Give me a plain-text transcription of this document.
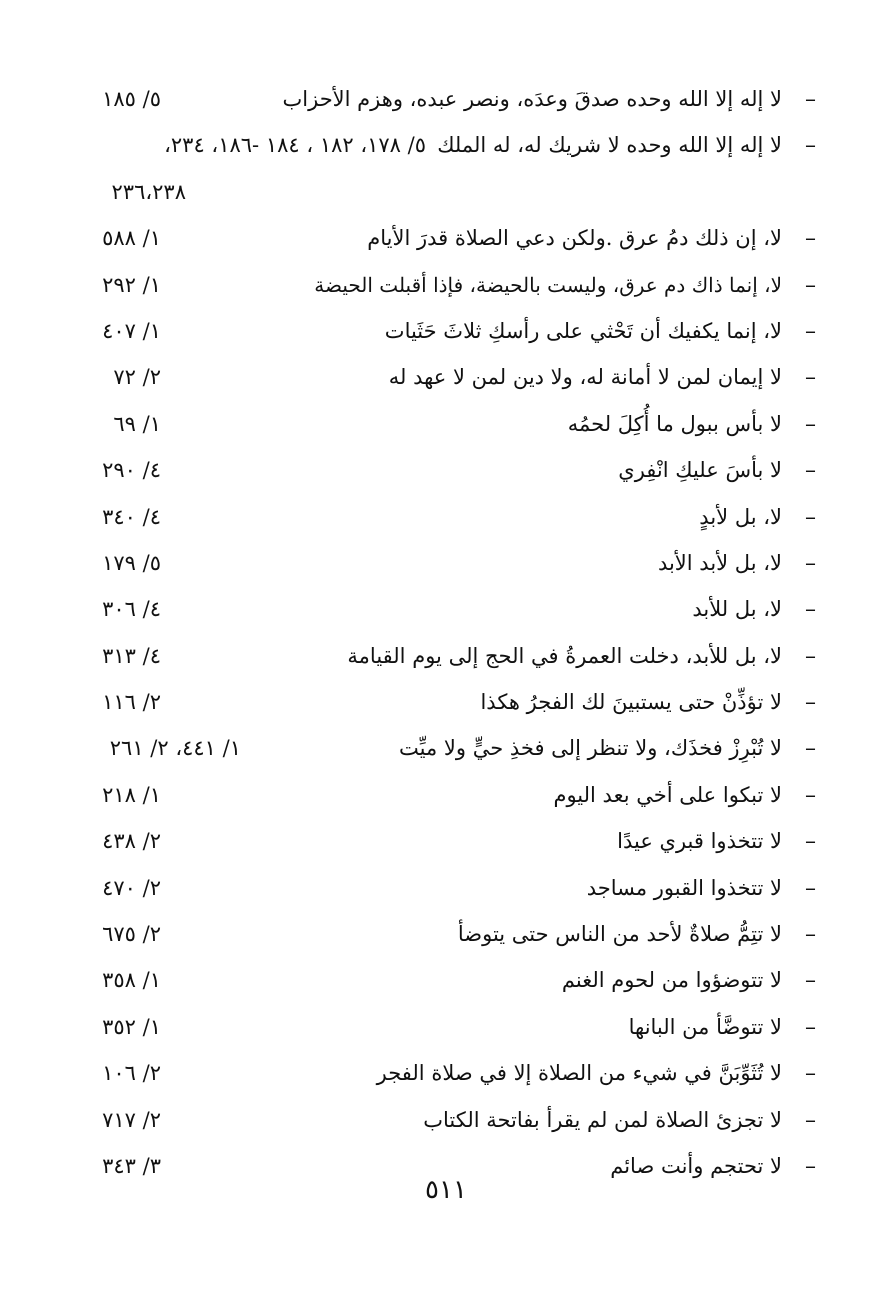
–
لا إله إلا الله وحده صدقَ وعدَه، ونصر عبده، وهزم الأحزاب
٥/ ١٨٥
–
لا إله إلا الله وحده لا شريك له، له الملك
٥/ ١٧٨، ١٨٢ ، ١٨٤ -١٨٦، ٢٣٤،
٢٣٦،٢٣٨
–
لا، إن ذلك دمُ عرق .ولكن دعي الصلاة قدرَ الأيام
١/ ٥٨٨
–
لا، إنما ذاك دم عرق، وليست بالحيضة، فإذا أقبلت الحيضة
١/ ٢٩٢
–
لا، إنما يكفيك أن تَحْثي على رأسكِ ثلاثَ حَثَيات
١/ ٤٠٧
–
لا إيمان لمن لا أمانة له، ولا دين لمن لا عهد له
٢/ ٧٢
–
لا بأس ببول ما أُكِلَ لحمُه
١/ ٦٩
–
لا بأسَ عليكِ انْفِري
٤/ ٢٩٠
–
لا، بل لأبدٍ
٤/ ٣٤٠
–
لا، بل لأبد الأبد
٥/ ١٧٩
–
لا، بل للأبد
٤/ ٣٠٦
–
لا، بل للأبد، دخلت العمرةُ في الحج إلى يوم القيامة
٤/ ٣١٣
–
لا تؤذِّنْ حتى يستبينَ لك الفجرُ هكذا
٢/ ١١٦
–
لا تُبْرِزْ فخذَك، ولا تنظر إلى فخذِ حيٍّ ولا ميِّت
١/ ٤٤١، ٢/ ٢٦١
–
لا تبكوا على أخي بعد اليوم
١/ ٢١٨
–
لا تتخذوا قبري عيدًا
٢/ ٤٣٨
–
لا تتخذوا القبور مساجد
٢/ ٤٧٠
–
لا تتِمُّ صلاةٌ لأحد من الناس حتى يتوضأ
٢/ ٦٧٥
–
لا تتوضؤوا من لحوم الغنم
١/ ٣٥٨
–
لا تتوضَّأ من البانها
١/ ٣٥٢
–
لا تُثَوِّبَنَّ في شيء من الصلاة إلا في صلاة الفجر
٢/ ١٠٦
–
لا تجزئ الصلاة لمن لم يقرأ بفاتحة الكتاب
٢/ ٧١٧
–
لا تحتجم وأنت صائم
٣/ ٣٤٣
٥١١
